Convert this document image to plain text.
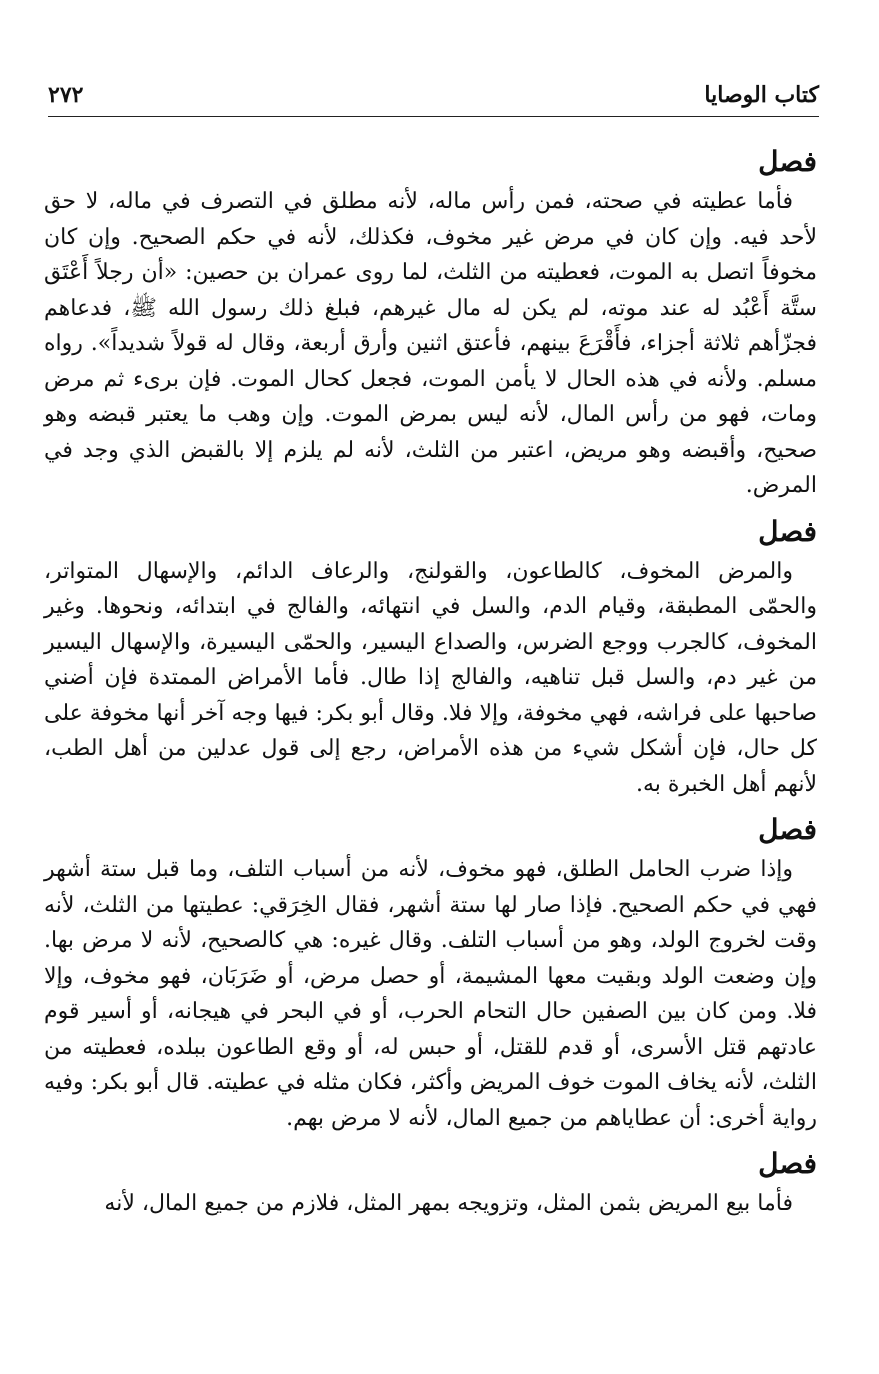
كتاب الوصايا
٢٧٢
فصل

فأما عطيته في صحته، فمن رأس ماله، لأنه مطلق في التصرف في ماله، لا حق لأحد فيه. وإن كان في مرض غير مخوف، فكذلك، لأنه في حكم الصحيح. وإن كان مخوفاً اتصل به الموت، فعطيته من الثلث، لما روى عمران بن حصين: «أن رجلاً أَعْتَق ستَّة أَعْبُد له عند موته، لم يكن له مال غيرهم، فبلغ ذلك رسول الله ﷺ، فدعاهم فجزّأهم ثلاثة أجزاء، فأَقْرَعَ بينهم، فأعتق اثنين وأرق أربعة، وقال له قولاً شديداً». رواه مسلم. ولأنه في هذه الحال لا يأمن الموت، فجعل كحال الموت. فإن برىء ثم مرض ومات، فهو من رأس المال، لأنه ليس بمرض الموت. وإن وهب ما يعتبر قبضه وهو صحيح، وأقبضه وهو مريض، اعتبر من الثلث، لأنه لم يلزم إلا بالقبض الذي وجد في المرض.

فصل

والمرض المخوف، كالطاعون، والقولنج، والرعاف الدائم، والإسهال المتواتر، والحمّى المطبقة، وقيام الدم، والسل في انتهائه، والفالج في ابتدائه، ونحوها. وغير المخوف، كالجرب ووجع الضرس، والصداع اليسير، والحمّى اليسيرة، والإسهال اليسير من غير دم، والسل قبل تناهيه، والفالج إذا طال. فأما الأمراض الممتدة فإن أضني صاحبها على فراشه، فهي مخوفة، وإلا فلا. وقال أبو بكر: فيها وجه آخر أنها مخوفة على كل حال، فإن أشكل شيء من هذه الأمراض، رجع إلى قول عدلين من أهل الطب، لأنهم أهل الخبرة به.

فصل

وإذا ضرب الحامل الطلق، فهو مخوف، لأنه من أسباب التلف، وما قبل ستة أشهر فهي في حكم الصحيح. فإذا صار لها ستة أشهر، فقال الخِرَقي: عطيتها من الثلث، لأنه وقت لخروج الولد، وهو من أسباب التلف. وقال غيره: هي كالصحيح، لأنه لا مرض بها. وإن وضعت الولد وبقيت معها المشيمة، أو حصل مرض، أو ضَرَبَان، فهو مخوف، وإلا فلا. ومن كان بين الصفين حال التحام الحرب، أو في البحر في هيجانه، أو أسير قوم عادتهم قتل الأسرى، أو قدم للقتل، أو حبس له، أو وقع الطاعون ببلده، فعطيته من الثلث، لأنه يخاف الموت خوف المريض وأكثر، فكان مثله في عطيته. قال أبو بكر: وفيه رواية أخرى: أن عطاياهم من جميع المال، لأنه لا مرض بهم.

فصل

فأما بيع المريض بثمن المثل، وتزويجه بمهر المثل، فلازم من جميع المال، لأنه
